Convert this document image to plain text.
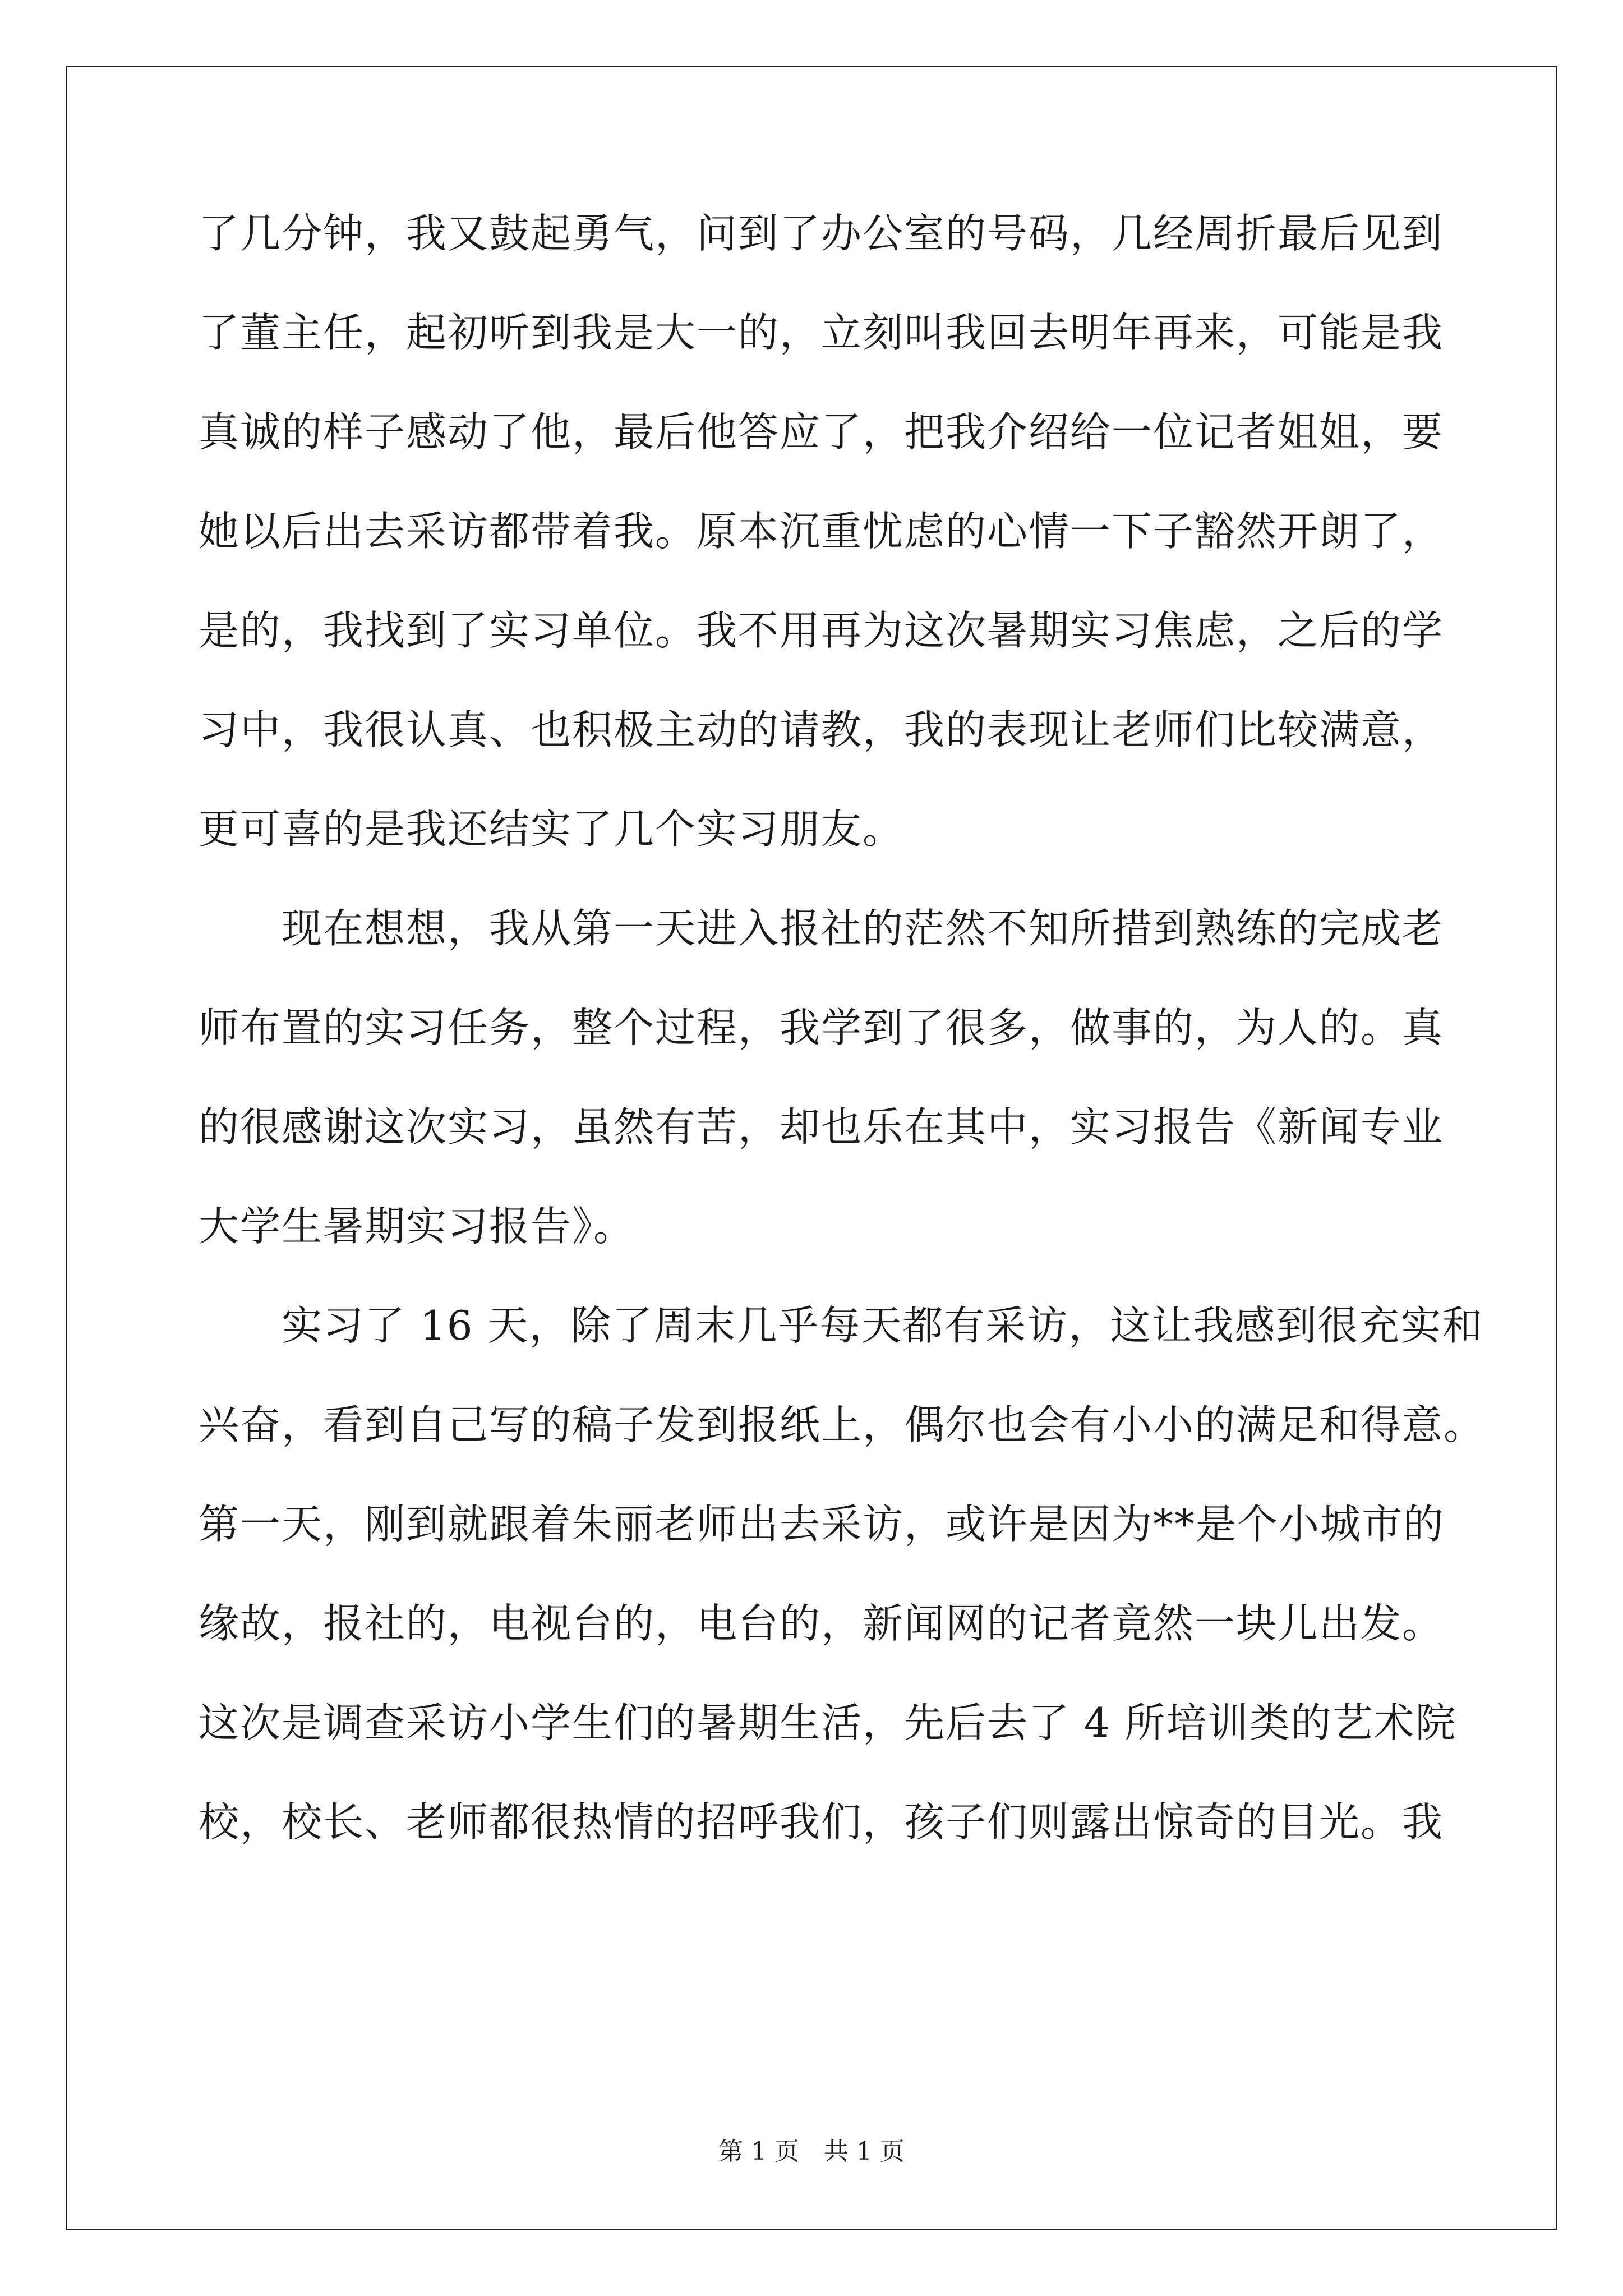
了几分钟，我又鼓起勇气，问到了办公室的号码，几经周折最后见到
了董主任，起初听到我是大一的，立刻叫我回去明年再来，可能是我
真诚的样子感动了他，最后他答应了，把我介绍给一位记者姐姐，要
她以后出去采访都带着我。原本沉重忧虑的心情一下子豁然开朗了，
是的，我找到了实习单位。我不用再为这次暑期实习焦虑，之后的学
习中，我很认真、也积极主动的请教，我的表现让老师们比较满意，
更可喜的是我还结实了几个实习朋友。
　　现在想想，我从第一天进入报社的茫然不知所措到熟练的完成老
师布置的实习任务，整个过程，我学到了很多，做事的，为人的。真
的很感谢这次实习，虽然有苦，却也乐在其中，实习报告《新闻专业
大学生暑期实习报告》。
　　实习了 16 天，除了周末几乎每天都有采访，这让我感到很充实和
兴奋，看到自己写的稿子发到报纸上，偶尔也会有小小的满足和得意。
第一天，刚到就跟着朱丽老师出去采访，或许是因为**是个小城市的
缘故，报社的，电视台的，电台的，新闻网的记者竟然一块儿出发。
这次是调查采访小学生们的暑期生活，先后去了 4 所培训类的艺术院
校，校长、老师都很热情的招呼我们，孩子们则露出惊奇的目光。我
第 1 页　共 1 页
